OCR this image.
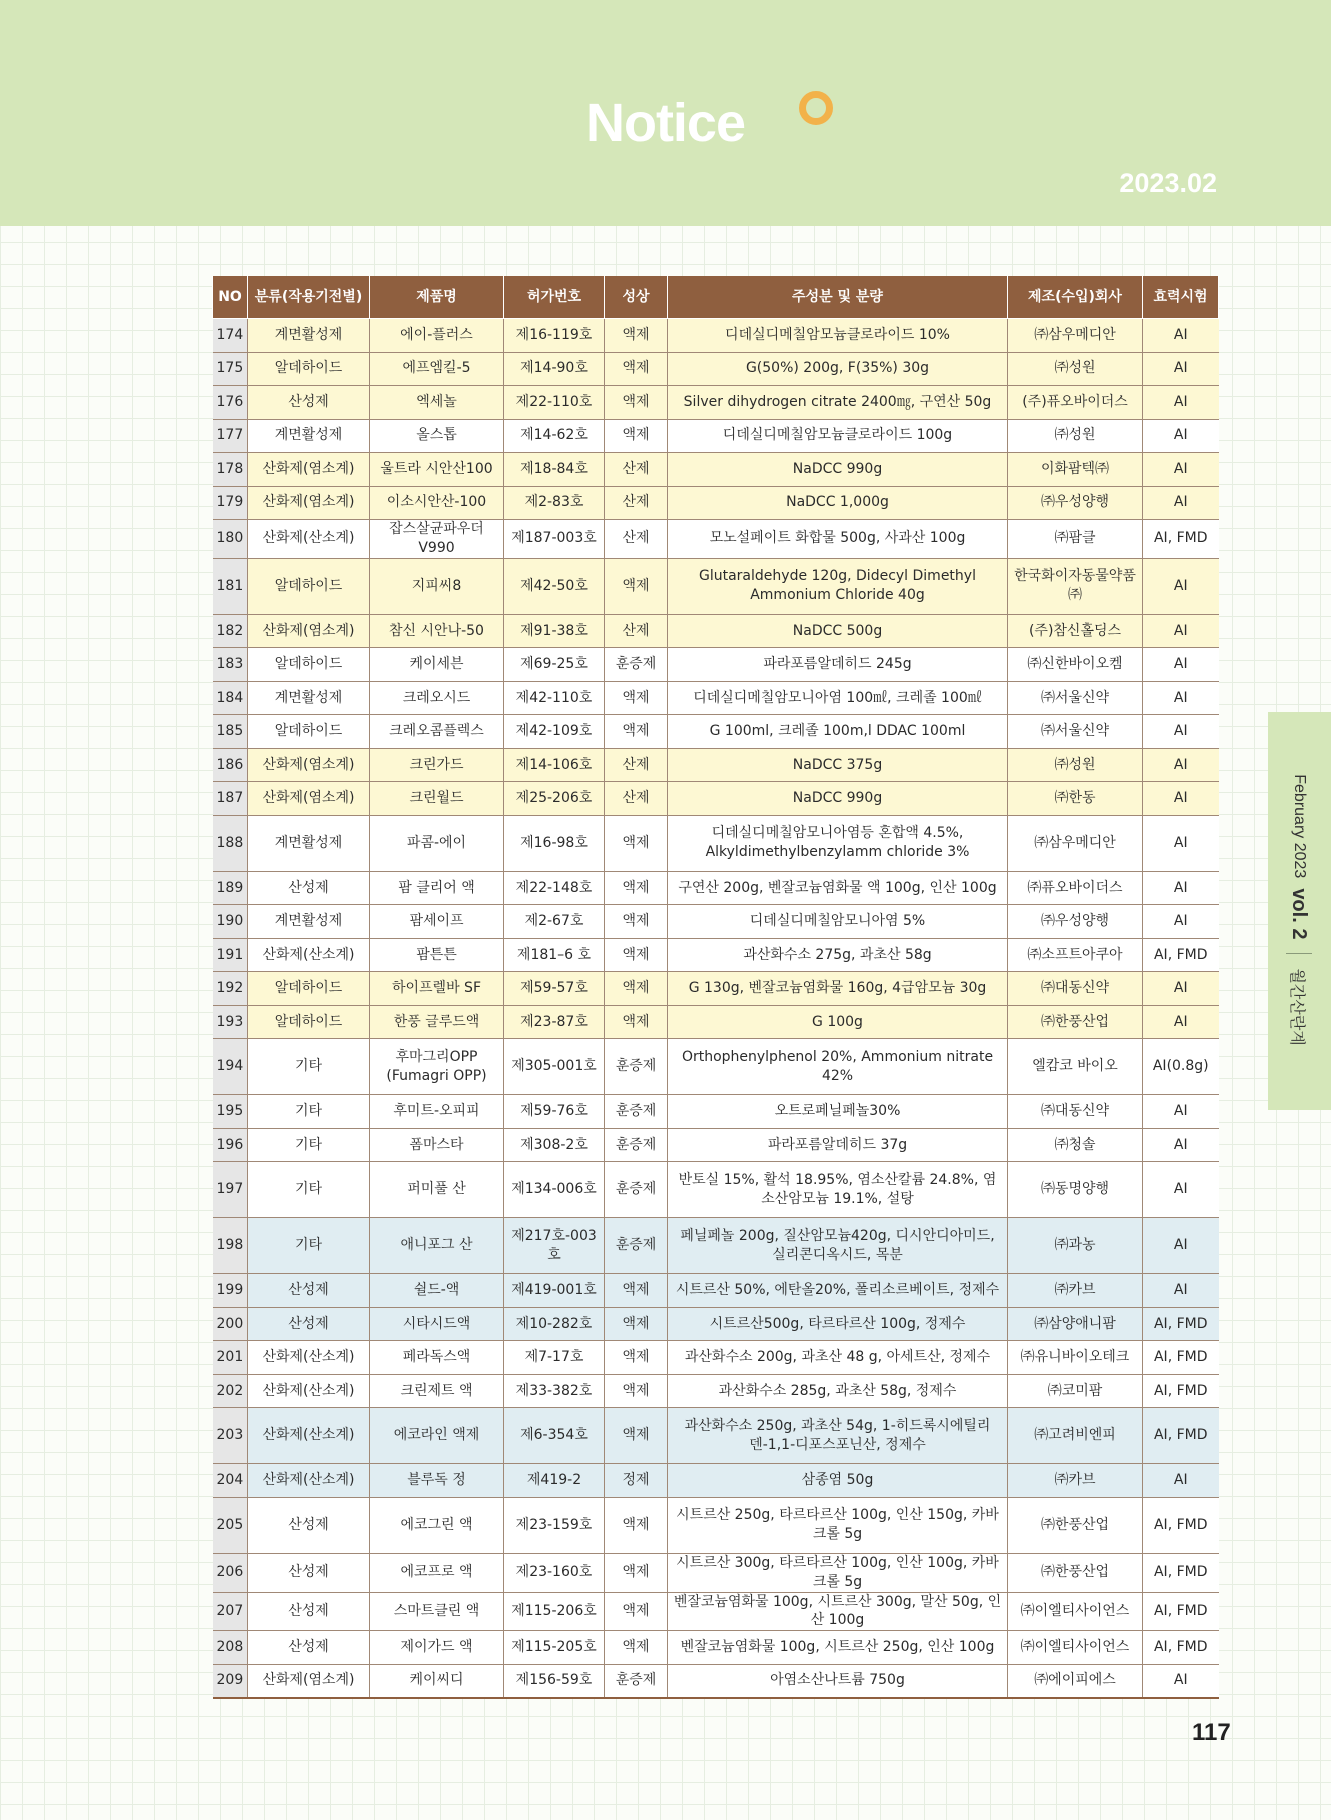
Notice
2023.02
February 2023
vol. 2
월간산란계
NO	분류(작용기전별)	제품명	허가번호	성상	주성분 및 분량	제조(수입)회사	효력시험
174	계면활성제	에이-플러스	제16-119호	액제	디데실디메칠암모늄클로라이드 10%	㈜삼우메디안	AI
175	알데하이드	에프엠킬-5	제14-90호	액제	G(50%) 200g, F(35%) 30g	㈜성원	AI
176	산성제	엑세놀	제22-110호	액제	Silver dihydrogen citrate 2400㎎, 구연산 50g	(주)퓨오바이더스	AI
177	계면활성제	올스톱	제14-62호	액제	디데실디메칠암모늄클로라이드 100g	㈜성원	AI
178	산화제(염소계)	울트라 시안산100	제18-84호	산제	NaDCC 990g	이화팜텍㈜	AI
179	산화제(염소계)	이소시안산-100	제2-83호	산제	NaDCC 1,000g	㈜우성양행	AI
180	산화제(산소계)	잡스살균파우더V990	제187-003호	산제	모노설페이트 화합물 500g, 사과산 100g	㈜팜클	AI, FMD
181	알데하이드	지피씨8	제42-50호	액제	Glutaraldehyde 120g, Didecyl Dimethyl Ammonium Chloride 40g	한국화이자동물약품㈜	AI
182	산화제(염소계)	참신 시안나-50	제91-38호	산제	NaDCC 500g	(주)참신홀딩스	AI
183	알데하이드	케이세븐	제69-25호	훈증제	파라포름알데히드 245g	㈜신한바이오켐	AI
184	계면활성제	크레오시드	제42-110호	액제	디데실디메칠암모니아염 100㎖, 크레졸 100㎖	㈜서울신약	AI
185	알데하이드	크레오콤플렉스	제42-109호	액제	G 100ml, 크레졸 100m,l DDAC 100ml	㈜서울신약	AI
186	산화제(염소계)	크린가드	제14-106호	산제	NaDCC 375g	㈜성원	AI
187	산화제(염소계)	크린월드	제25-206호	산제	NaDCC 990g	㈜한동	AI
188	계면활성제	파콤-에이	제16-98호	액제	디데실디메칠암모니아염등 혼합액 4.5%, Alkyldimethylbenzylamm chloride 3%	㈜삼우메디안	AI
189	산성제	팜 클리어 액	제22-148호	액제	구연산 200g, 벤잘코늄염화물 액 100g, 인산 100g	㈜퓨오바이더스	AI
190	계면활성제	팜세이프	제2-67호	액제	디데실디메칠암모니아염 5%	㈜우성양행	AI
191	산화제(산소계)	팜튼튼	제181–6 호	액제	과산화수소 275g, 과초산 58g	㈜소프트아쿠아	AI, FMD
192	알데하이드	하이프렐바 SF	제59-57호	액제	G 130g, 벤잘코늄염화물 160g, 4급암모늄 30g	㈜대동신약	AI
193	알데하이드	한풍 글루드액	제23-87호	액제	G 100g	㈜한풍산업	AI
194	기타	후마그리OPP (Fumagri OPP)	제305-001호	훈증제	Orthophenylphenol 20%, Ammonium nitrate 42%	엘캄코 바이오	AI(0.8g)
195	기타	후미트-오피피	제59-76호	훈증제	오트로페닐페놀30%	㈜대동신약	AI
196	기타	폼마스타	제308-2호	훈증제	파라포름알데히드 37g	㈜청솔	AI
197	기타	퍼미풀 산	제134-006호	훈증제	반토실 15%, 활석 18.95%, 염소산칼륨 24.8%, 염소산암모늄 19.1%, 설탕	㈜동명양행	AI
198	기타	애니포그 산	제217호-003호	훈증제	페닐페놀 200g, 질산암모늄420g, 디시안디아미드, 실리콘디옥시드, 목분	㈜과농	AI
199	산성제	쉴드-액	제419-001호	액제	시트르산 50%, 에탄올20%, 폴리소르베이트, 정제수	㈜카브	AI
200	산성제	시타시드액	제10-282호	액제	시트르산500g, 타르타르산 100g, 정제수	㈜삼양애니팜	AI, FMD
201	산화제(산소계)	페라독스액	제7-17호	액제	과산화수소 200g, 과초산 48 g, 아세트산, 정제수	㈜유니바이오테크	AI, FMD
202	산화제(산소계)	크린제트 액	제33-382호	액제	과산화수소 285g, 과초산 58g, 정제수	㈜코미팜	AI, FMD
203	산화제(산소계)	에코라인 액제	제6-354호	액제	과산화수소 250g, 과초산 54g, 1-히드록시에틸리덴-1,1-디포스포닌산, 정제수	㈜고려비엔피	AI, FMD
204	산화제(산소계)	블루독 정	제419-2	정제	삼종염 50g	㈜카브	AI
205	산성제	에코그린 액	제23-159호	액제	시트르산 250g, 타르타르산 100g, 인산 150g, 카바크롤 5g	㈜한풍산업	AI, FMD
206	산성제	에코프로 액	제23-160호	액제	시트르산 300g, 타르타르산 100g, 인산 100g, 카바크롤 5g	㈜한풍산업	AI, FMD
207	산성제	스마트클린 액	제115-206호	액제	벤잘코늄염화물 100g, 시트르산 300g, 말산 50g, 인산 100g	㈜이엘티사이언스	AI, FMD
208	산성제	제이가드 액	제115-205호	액제	벤잘코늄염화물 100g, 시트르산 250g, 인산 100g	㈜이엘티사이언스	AI, FMD
209	산화제(염소계)	케이씨디	제156-59호	훈증제	아염소산나트륨 750g	㈜에이피에스	AI
117
